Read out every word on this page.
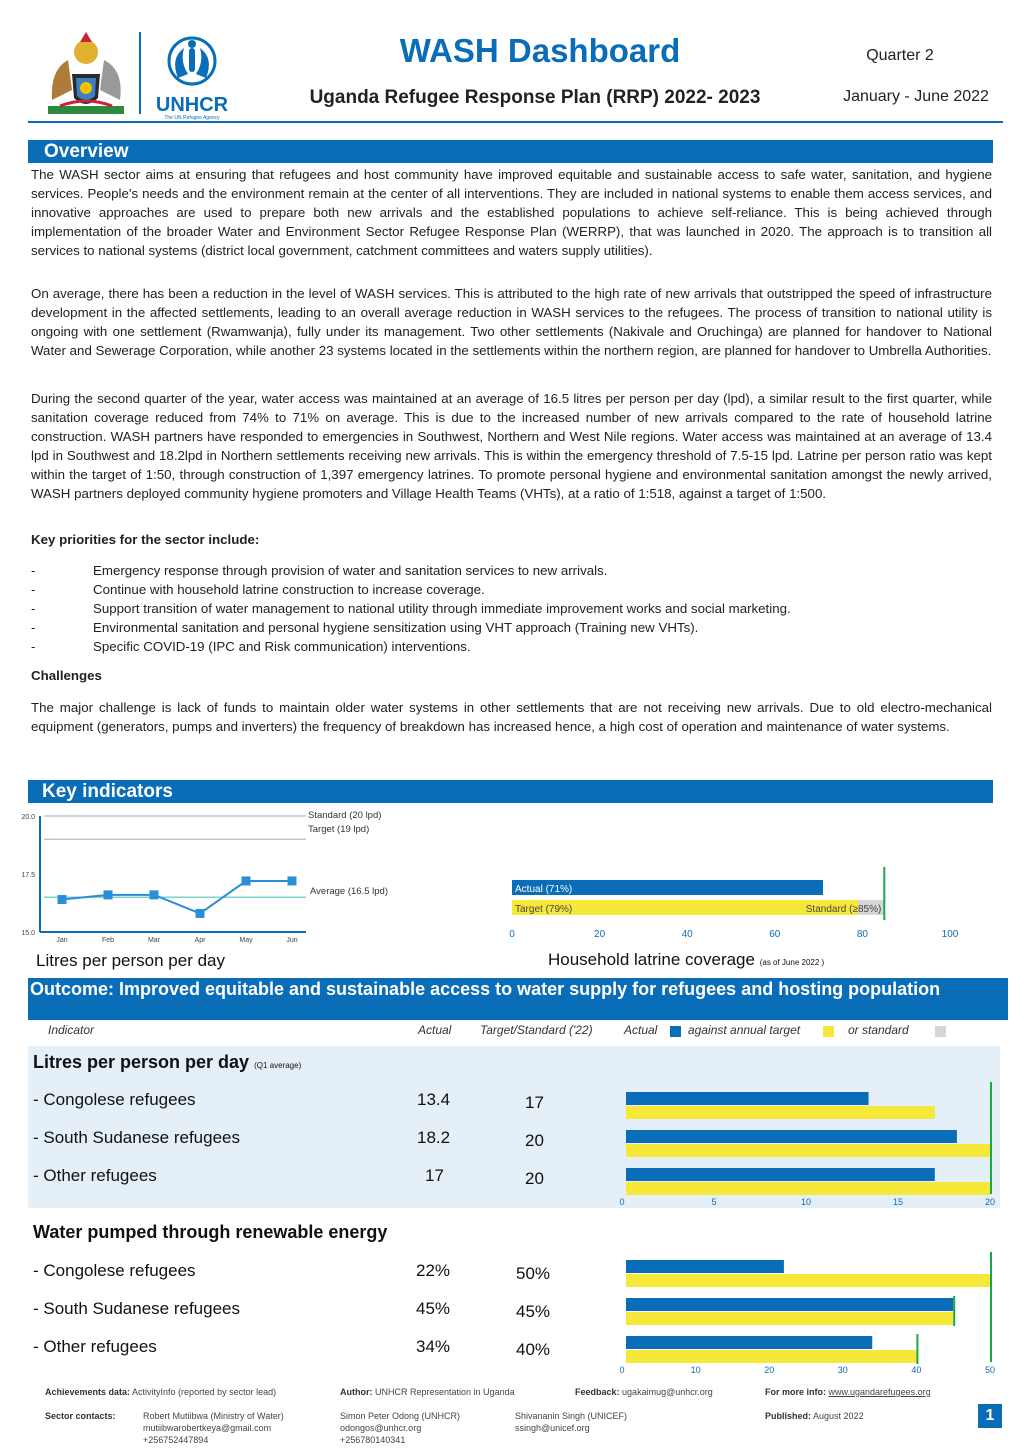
UNHCR
The UN Refugee Agency
WASH Dashboard
Uganda Refugee Response Plan (RRP) 2022- 2023
Quarter 2
January - June 2022
Overview

The WASH sector aims at ensuring that refugees and host community have improved equitable and sustainable access to safe water, sanitation, and hygiene services. People's needs and the environment remain at the center of all interventions. They are included in national systems to enable them access services, and innovative approaches are used to prepare both new arrivals and the established populations to achieve self-reliance. This is being achieved through implementation of the broader Water and Environment Sector Refugee Response Plan (WERRP), that was launched in 2020. The approach is to transition all services to national systems (district local government, catchment committees and waters supply utilities).

On average, there has been a reduction in the level of WASH services. This is attributed to the high rate of new arrivals that outstripped the speed of infrastructure development in the affected settlements, leading to an overall average reduction in WASH services to the refugees. The process of transition to national utility is ongoing with one settlement (Rwamwanja), fully under its management. Two other settlements (Nakivale and Oruchinga) are planned for handover to National Water and Sewerage Corporation, while another 23 systems located in the settlements within the northern region, are planned for handover to Umbrella Authorities.

During the second quarter of the year, water access was maintained at an average of 16.5 litres per person per day (lpd), a similar result to the first quarter, while sanitation coverage reduced from 74% to 71% on average. This is due to the increased number of new arrivals compared to the rate of household latrine construction. WASH partners have responded to emergencies in Southwest, Northern and West Nile regions. Water access was maintained at an average of 13.4 lpd in Southwest and 18.2lpd in Northern settlements receiving new arrivals. This is within the emergency threshold of 7.5-15 lpd. Latrine per person ratio was kept within the target of 1:50, through construction of 1,397 emergency latrines. To promote personal hygiene and environmental sanitation amongst the newly arrived, WASH partners deployed community hygiene promoters and Village Health Teams (VHTs), at a ratio of 1:518, against a target of 1:500.

Key priorities for the sector include:
-	Emergency response through provision of water and sanitation services to new arrivals.
-	Continue with household latrine construction to increase coverage.
-	Support transition of water management to national utility through immediate improvement works and social marketing.
-	Environmental sanitation and personal hygiene sensitization using VHT approach (Training new VHTs).
-	Specific COVID-19 (IPC and Risk communication) interventions.
Challenges

The major challenge is lack of funds to maintain older water systems in other settlements that are not receiving new arrivals. Due to old electro-mechanical equipment (generators, pumps and inverters) the frequency of breakdown has increased hence, a high cost of operation and maintenance of water systems.

Key indicators
15.0
17.5
20.0
Jan	Feb	Mar	Apr	May	Jun
Standard (20 lpd)
Target (19 lpd)
Average (16.5 lpd)
Litres per person per day
Actual (71%)
Target (79%)	Standard (≥85%)
0	20	40	60	80	100
Household latrine coverage (as of June 2022 )
Outcome: Improved equitable and sustainable access to water supply for refugees and hosting population
Indicator	Actual Target/Standard ('22)	Actual	against annual target	or standard
Litres per person per day (Q1 average)
- Congolese refugees	13.4	17
- South Sudanese refugees	18.2	20
- Other refugees	17	20
0	5	10	15	20
Water pumped through renewable energy
- Congolese refugees	22%	50%
- South Sudanese refugees	45%	45%
- Other refugees	34%	40%
0	10	20	30	40	50
Achievements data: ActivityInfo (reported by sector lead)	Author: UNHCR Representation in Uganda	Feedback: ugakaimug@unhcr.org	For more info: www.ugandarefugees.org
Sector contacts:	Robert Mutiibwa (Ministry of Water)
mutiibwarobertkeya@gmail.com
+256752447894
Simon Peter Odong (UNHCR)
odongos@unhcr.org
+256780140341
Shivananin Singh (UNICEF)
ssingh@unicef.org
Published: August 2022	1
